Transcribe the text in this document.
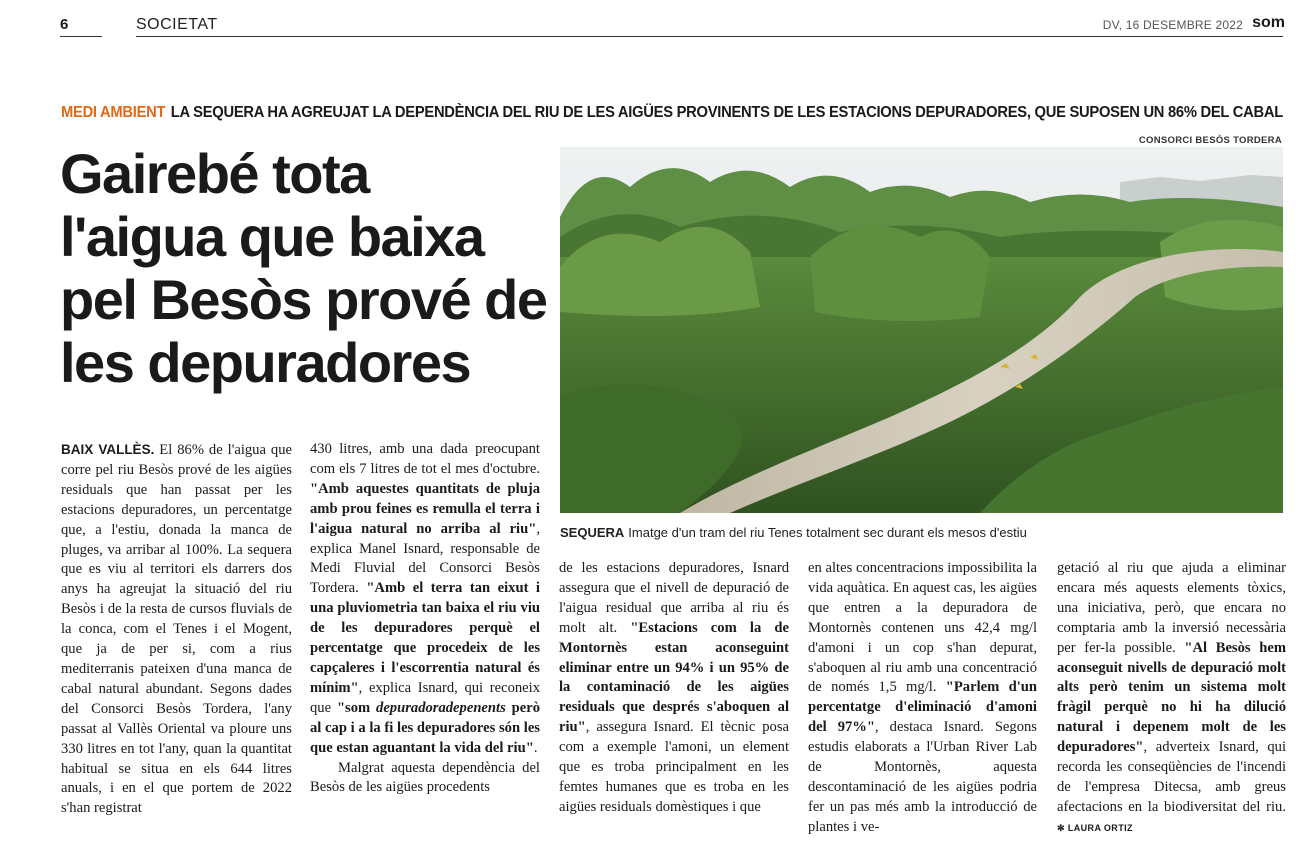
6	SOCIETAT	DV, 16 DESEMBRE 2022 som
MEDI AMBIENT LA SEQUERA HA AGREUJAT LA DEPENDÈNCIA DEL RIU DE LES AIGÜES PROVINENTS DE LES ESTACIONS DEPURADORES, QUE SUPOSEN UN 86% DEL CABAL
CONSORCI BESÒS TORDERA
Gairebé tota
l'aigua que baixa
pel Besòs prové de
les depuradores
SEQUERA Imatge d'un tram del riu Tenes totalment sec durant els mesos d'estiu

BAIX VALLÈS. El 86% de l'aigua que corre pel riu Besòs prové de les aigües residuals que han passat per les estacions depuradores, un percentatge que, a l'estiu, donada la manca de pluges, va arribar al 100%. La sequera que es viu al territori els darrers dos anys ha agreujat la situació del riu Besòs i de la resta de cursos fluvials de la conca, com el Tenes i el Mogent, que ja de per si, com a rius mediterranis pateixen d'una manca de cabal natural abundant. Segons dades del Consorci Besòs Tordera, l'any passat al Vallès Oriental va ploure uns 330 litres en tot l'any, quan la quantitat habitual se situa en els 644 litres anuals, i en el que portem de 2022 s'han registrat

430 litres, amb una dada preocupant com els 7 litres de tot el mes d'octubre. "Amb aquestes quantitats de pluja amb prou feines es remulla el terra i l'aigua natural no arriba al riu", explica Manel Isnard, responsable de Medi Fluvial del Consorci Besòs Tordera. "Amb el terra tan eixut i una pluviometria tan baixa el riu viu de les depuradores perquè el percentatge que procedeix de les capçaleres i l'escorrentia natural és mínim", explica Isnard, qui reconeix que "som depuradoradepenents però al cap i a la fi les depuradores són les que estan aguantant la vida del riu".

Malgrat aquesta dependència del Besòs de les aigües procedents

de les estacions depuradores, Isnard assegura que el nivell de depuració de l'aigua residual que arriba al riu és molt alt. "Estacions com la de Montornès estan aconseguint eliminar entre un 94% i un 95% de la contaminació de les aigües residuals que després s'aboquen al riu", assegura Isnard. El tècnic posa com a exemple l'amoni, un element que es troba principalment en les femtes humanes que es troba en les aigües residuals domèstiques i que

en altes concentracions impossibilita la vida aquàtica. En aquest cas, les aigües que entren a la depuradora de Montornès contenen uns 42,4 mg/l d'amoni i un cop s'han depurat, s'aboquen al riu amb una concentració de només 1,5 mg/l. "Parlem d'un percentatge d'eliminació d'amoni del 97%", destaca Isnard. Segons estudis elaborats a l'Urban River Lab de Montornès, aquesta descontaminació de les aigües podria fer un pas més amb la introducció de plantes i ve-

getació al riu que ajuda a eliminar encara més aquests elements tòxics, una iniciativa, però, que encara no comptaria amb la inversió necessària per fer-la possible. "Al Besòs hem aconseguit nivells de depuració molt alts però tenim un sistema molt fràgil perquè no hi ha dilució natural i depenem molt de les depuradores", adverteix Isnard, qui recorda les conseqüències de l'incendi de l'empresa Ditecsa, amb greus afectacions en la biodiversitat del riu. ✻ LAURA ORTIZ
